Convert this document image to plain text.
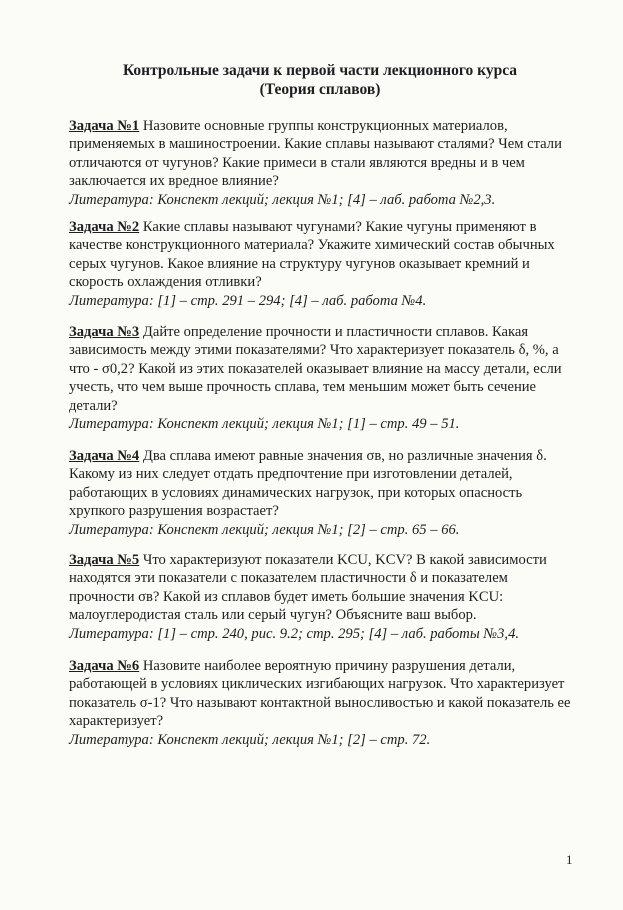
Контрольные задачи к первой части лекционного курса
(Теория сплавов)
Задача №1 Назовите основные группы конструкционных материалов, применяемых в машиностроении. Какие сплавы называют сталями? Чем стали отличаются от чугунов? Какие примеси в стали являются вредны и в чем заключается их вредное влияние?
Литература: Конспект лекций; лекция №1; [4] – лаб. работа №2,3.
Задача №2 Какие сплавы называют чугунами? Какие чугуны применяют в качестве конструкционного материала? Укажите химический состав обычных серых чугунов. Какое влияние на структуру чугунов оказывает кремний и скорость охлаждения отливки?
Литература: [1] – стр. 291 – 294; [4] – лаб. работа №4.
Задача №3 Дайте определение прочности и пластичности сплавов. Какая зависимость между этими показателями? Что характеризует показатель δ, %, а что - σ0,2? Какой из этих показателей оказывает влияние на массу детали, если учесть, что чем выше прочность сплава, тем меньшим может быть сечение детали?
Литература: Конспект лекций; лекция №1; [1] – стр. 49 – 51.
Задача №4 Два сплава имеют равные значения σв, но различные значения δ. Какому из них следует отдать предпочтение при изготовлении деталей, работающих в условиях динамических нагрузок, при которых опасность хрупкого разрушения возрастает?
Литература: Конспект лекций; лекция №1; [2] – стр. 65 – 66.
Задача №5 Что характеризуют показатели KCU, KCV? В какой зависимости находятся эти показатели с показателем пластичности δ и показателем прочности σв? Какой из сплавов будет иметь большие значения KCU: малоуглеродистая сталь или серый чугун? Объясните ваш выбор.
Литература: [1] – стр. 240, рис. 9.2; стр. 295; [4] – лаб. работы №3,4.
Задача №6 Назовите наиболее вероятную причину разрушения детали, работающей в условиях циклических изгибающих нагрузок. Что характеризует показатель σ-1? Что называют контактной выносливостью и какой показатель ее характеризует?
Литература: Конспект лекций; лекция №1; [2] – стр. 72.
1
